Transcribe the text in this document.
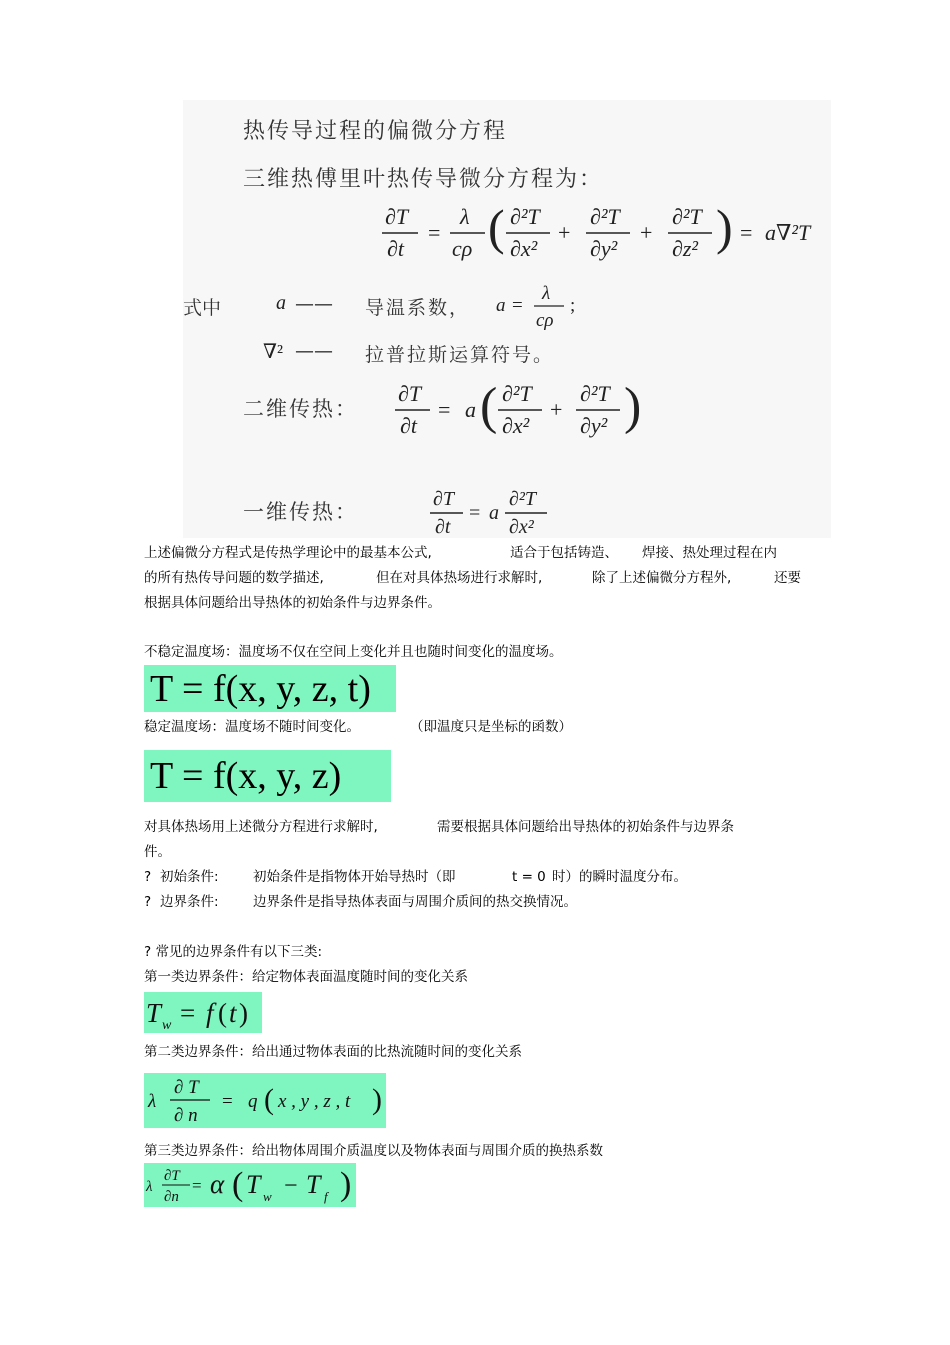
热传导过程的偏微分方程
三维热傅里叶热传导微分方程为：
∂T
∂t
=
λ
cρ ( ∂²T
∂x²
+
∂²T
∂y²
+
∂²T
∂z² ) = a∇²T
式中	a —— 导温系数， a =
λ
cρ
;
∇² —— 拉普拉斯运算符号。
二维传热：
∂T
∂t
= a ( ∂²T
∂x²
+
∂²T
∂y² )
一维传热：
∂T
∂t
= a
∂²T
∂x²
上述偏微分方程式是传热学理论中的最基本公式,	适合于包括铸造、 焊接、热处理过程在内
的所有热传导问题的数学描述,	但在对具体热场进行求解时,	除了上述偏微分方程外,	还要
根据具体问题给出导热体的初始条件与边界条件。
不稳定温度场：温度场不仅在空间上变化并且也随时间变化的温度场。
T = f(x, y, z, t)
稳定温度场：温度场不随时间变化。	（即温度只是坐标的函数）
T = f(x, y, z)
对具体热场用上述微分方程进行求解时,	需要根据具体问题给出导热体的初始条件与边界条
件。
? 初始条件:	初始条件是指物体开始导热时（即	t = 0 时）的瞬时温度分布。
? 边界条件:	边界条件是指导热体表面与周围介质间的热交换情况。
? 常见的边界条件有以下三类:
第一类边界条件：给定物体表面温度随时间的变化关系
T w = f ( t )
第二类边界条件：给出通过物体表面的比热流随时间的变化关系
λ
∂ T
∂ n
= q ( x , y , z , t )
第三类边界条件：给出物体周围介质温度以及物体表面与周围介质的换热系数
λ
∂T
∂n
= α ( T w − T f )
